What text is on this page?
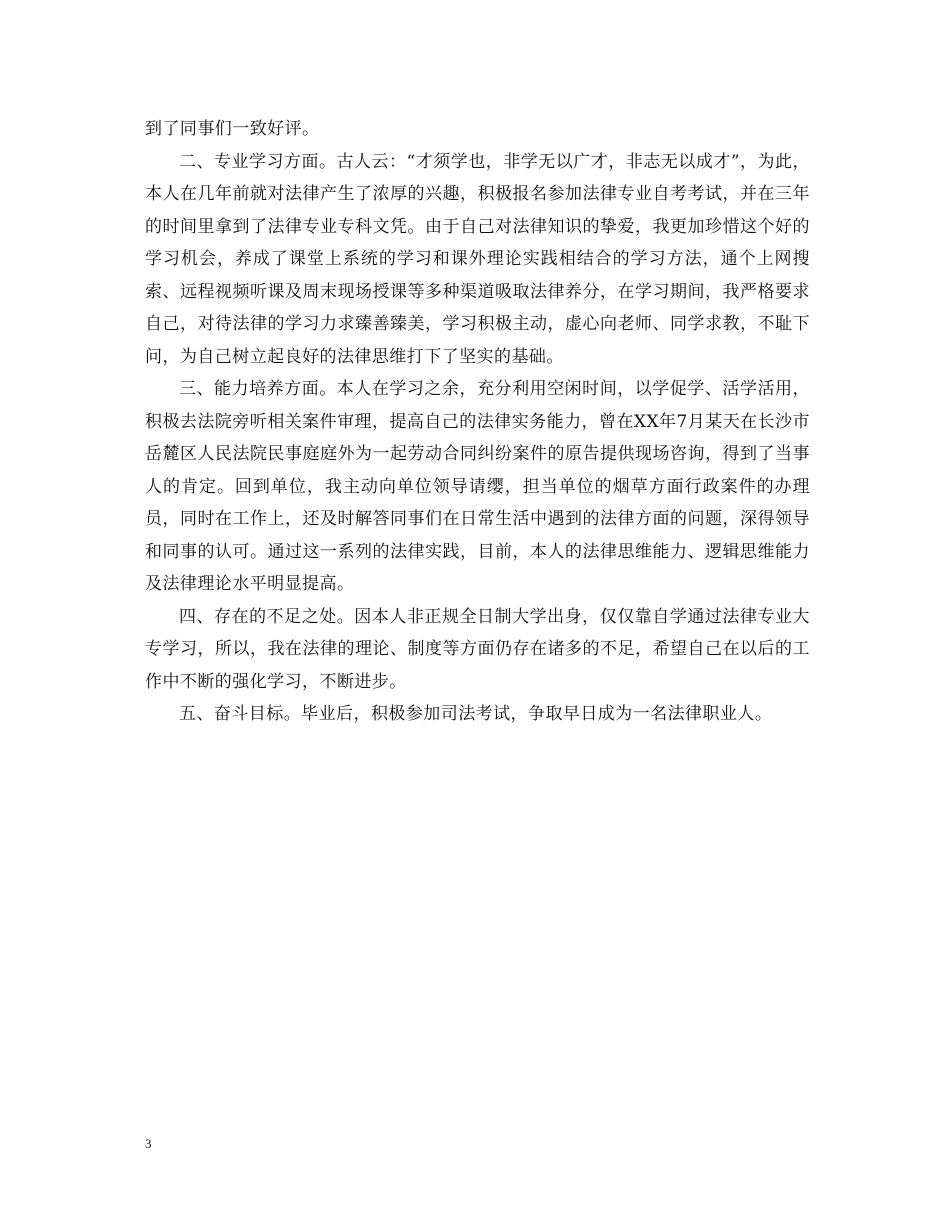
到了同事们一致好评。

二、专业学习方面。古人云：“才须学也，非学无以广才，非志无以成才”，为此，本人在几年前就对法律产生了浓厚的兴趣，积极报名参加法律专业自考考试，并在三年的时间里拿到了法律专业专科文凭。由于自己对法律知识的挚爱，我更加珍惜这个好的学习机会，养成了课堂上系统的学习和课外理论实践相结合的学习方法，通个上网搜索、远程视频听课及周末现场授课等多种渠道吸取法律养分，在学习期间，我严格要求自己，对待法律的学习力求臻善臻美，学习积极主动，虚心向老师、同学求教，不耻下问，为自己树立起良好的法律思维打下了坚实的基础。

三、能力培养方面。本人在学习之余，充分利用空闲时间，以学促学、活学活用，积极去法院旁听相关案件审理，提高自己的法律实务能力，曾在XX年7月某天在长沙市岳麓区人民法院民事庭庭外为一起劳动合同纠纷案件的原告提供现场咨询，得到了当事人的肯定。回到单位，我主动向单位领导请缨，担当单位的烟草方面行政案件的办理员，同时在工作上，还及时解答同事们在日常生活中遇到的法律方面的问题，深得领导和同事的认可。通过这一系列的法律实践，目前，本人的法律思维能力、逻辑思维能力及法律理论水平明显提高。

四、存在的不足之处。因本人非正规全日制大学出身，仅仅靠自学通过法律专业大专学习，所以，我在法律的理论、制度等方面仍存在诸多的不足，希望自己在以后的工作中不断的强化学习，不断进步。

五、奋斗目标。毕业后，积极参加司法考试，争取早日成为一名法律职业人。

3
